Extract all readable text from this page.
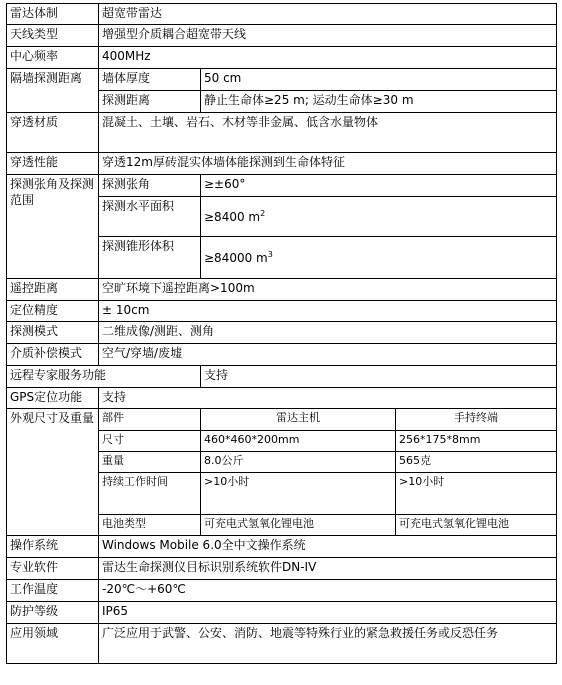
雷达体制	超宽带雷达		
天线类型	增强型介质耦合超宽带天线		
中心频率	400MHz		
隔墙探测距离	墙体厚度	50 cm	
	探测距离	静止生命体≥25 m; 运动生命体≥30 m	
穿透材质	混凝土、土壤、岩石、木材等非金属、低含水量物体		
穿透性能	穿透12m厚砖混实体墙体能探测到生命体特征		
探测张角及探测范围	探测张角	≥±60°	
	探测水平面积	≥8400 $m^2$
	探测锥形体积	≥84000 $m^3$
遥控距离	空旷环境下遥控距离>100m		
定位精度	± 10cm		
探测模式	二维成像/测距、测角		
介质补偿模式	空气/穿墙/废墟		
远程专家服务功能		支持	
GPS定位功能	支持		
外观尺寸及重量	部件	雷达主机	手持终端
	尺寸	460*460*200mm	256*175*8mm
	重量	8.0公斤	565克
	持续工作时间	>10小时	>10小时
	电池类型	可充电式氢氧化锂电池	可充电式氢氧化锂电池
操作系统	Windows Mobile 6.0全中文操作系统		
专业软件	雷达生命探测仪目标识别系统软件DN-IV		
工作温度	-20℃～+60℃		
防护等级	IP65		
应用领域	广泛应用于武警、公安、消防、地震等特殊行业的紧急救援任务或反恐任务		
